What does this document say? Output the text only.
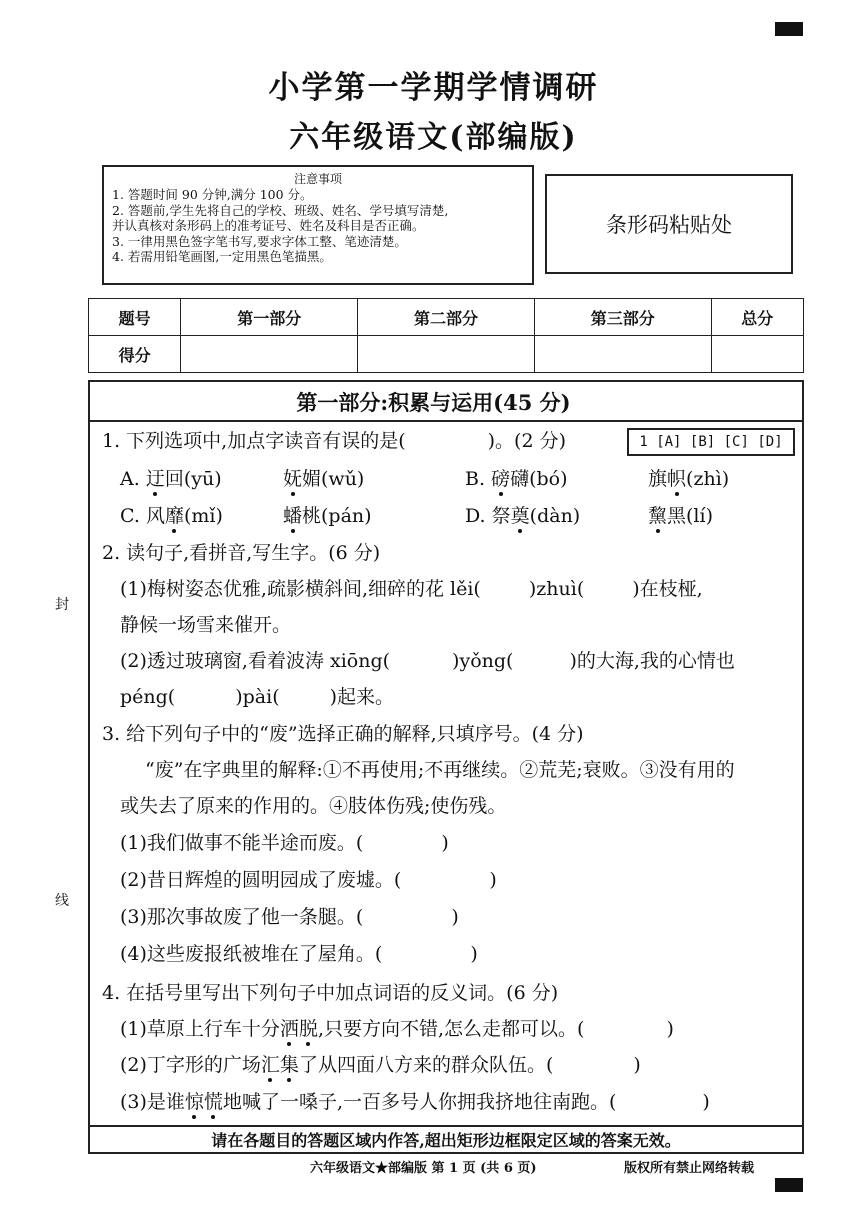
小学第一学期学情调研
六年级语文(部编版)
注意事项
1. 答题时间 90 分钟,满分 100 分。
2. 答题前,学生先将自己的学校、班级、姓名、学号填写清楚,
并认真核对条形码上的准考证号、姓名及科目是否正确。
3. 一律用黑色签字笔书写,要求字体工整、笔迹清楚。
4. 若需用铅笔画图,一定用黑色笔描黑。
条形码粘贴处
题号	第一部分	第二部分	第三部分	总分
得分				
第一部分:积累与运用(45 分)
1. 下列选项中,加点字读音有误的是(	)。(2 分)	1 [A] [B] [C] [D]
A. 迂回(yū)	妩媚(wǔ)	B. 磅礴(bó)	旗帜(zhì)
C. 风靡(mǐ)	蟠桃(pán)	D. 祭奠(dàn)	黧黑(lí)
2. 读句子,看拼音,写生字。(6 分)
(1)梅树姿态优雅,疏影横斜间,细碎的花 lěi(	)zhuì(	)在枝桠,
静候一场雪来催开。
(2)透过玻璃窗,看着波涛 xiōng(	)yǒng(	)的大海,我的心情也
péng(	)pài(	)起来。
3. 给下列句子中的“废”选择正确的解释,只填序号。(4 分)
“废”在字典里的解释:①不再使用;不再继续。②荒芜;衰败。③没有用的
或失去了原来的作用的。④肢体伤残;使伤残。
(1)我们做事不能半途而废。(	)
(2)昔日辉煌的圆明园成了废墟。(	)
(3)那次事故废了他一条腿。(	)
(4)这些废报纸被堆在了屋角。(	)
4. 在括号里写出下列句子中加点词语的反义词。(6 分)
(1)草原上行车十分洒脱,只要方向不错,怎么走都可以。(	)
(2)丁字形的广场汇集了从四面八方来的群众队伍。(	)
(3)是谁惊慌地喊了一嗓子,一百多号人你拥我挤地往南跑。(	)
请在各题目的答题区域内作答,超出矩形边框限定区域的答案无效。
六年级语文★部编版 第 1 页 (共 6 页)	版权所有禁止网络转载
封
线
